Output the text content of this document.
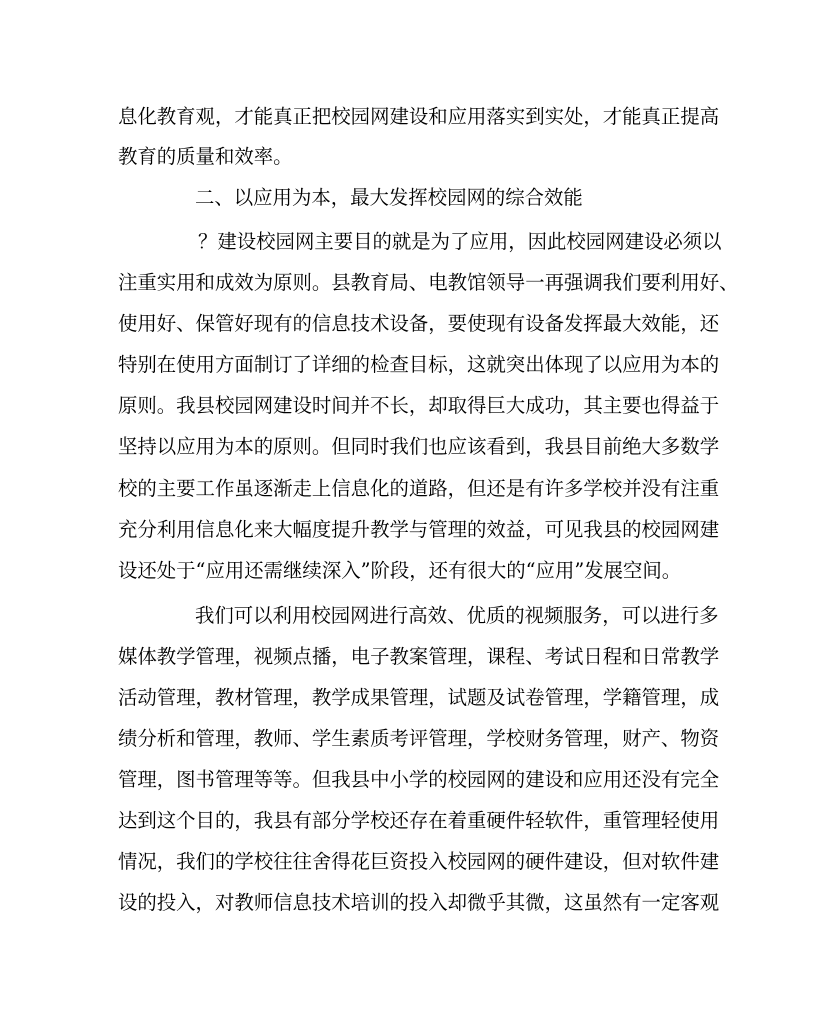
息化教育观，才能真正把校园网建设和应用落实到实处，才能真正提高
教育的质量和效率。
二、以应用为本，最大发挥校园网的综合效能
？建设校园网主要目的就是为了应用，因此校园网建设必须以
注重实用和成效为原则。县教育局、电教馆领导一再强调我们要利用好、
使用好、保管好现有的信息技术设备，要使现有设备发挥最大效能，还
特别在使用方面制订了详细的检查目标，这就突出体现了以应用为本的
原则。我县校园网建设时间并不长，却取得巨大成功，其主要也得益于
坚持以应用为本的原则。但同时我们也应该看到，我县目前绝大多数学
校的主要工作虽逐渐走上信息化的道路，但还是有许多学校并没有注重
充分利用信息化来大幅度提升教学与管理的效益，可见我县的校园网建
设还处于“应用还需继续深入”阶段，还有很大的“应用”发展空间。
我们可以利用校园网进行高效、优质的视频服务，可以进行多
媒体教学管理，视频点播，电子教案管理，课程、考试日程和日常教学
活动管理，教材管理，教学成果管理，试题及试卷管理，学籍管理，成
绩分析和管理，教师、学生素质考评管理，学校财务管理，财产、物资
管理，图书管理等等。但我县中小学的校园网的建设和应用还没有完全
达到这个目的，我县有部分学校还存在着重硬件轻软件，重管理轻使用
情况，我们的学校往往舍得花巨资投入校园网的硬件建设，但对软件建
设的投入，对教师信息技术培训的投入却微乎其微，这虽然有一定客观
